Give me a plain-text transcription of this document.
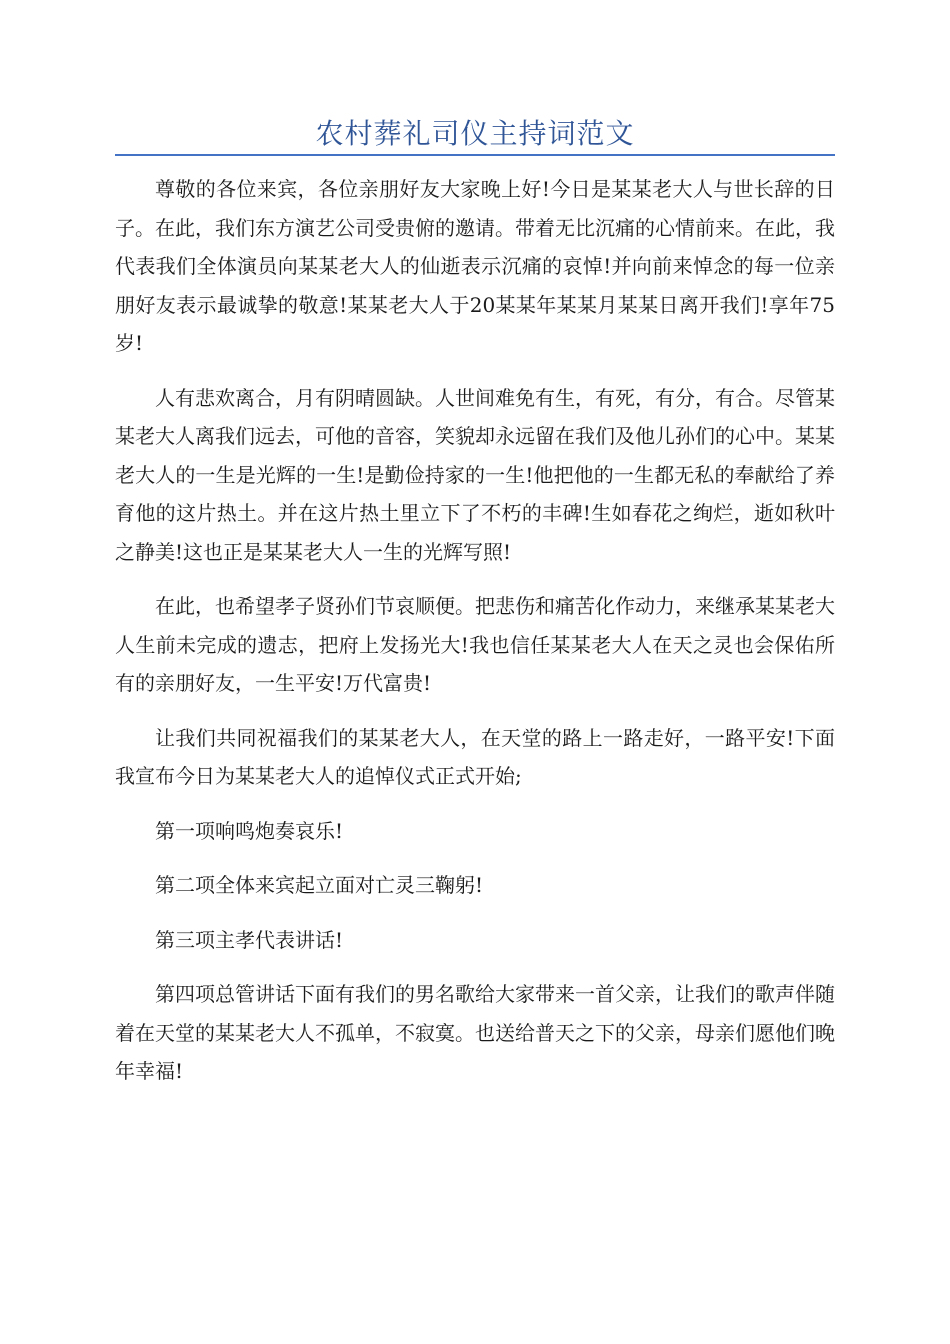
农村葬礼司仪主持词范文

尊敬的各位来宾，各位亲朋好友大家晚上好!今日是某某老大人与世长辞的日子。在此，我们东方演艺公司受贵俯的邀请。带着无比沉痛的心情前来。在此，我代表我们全体演员向某某老大人的仙逝表示沉痛的哀悼!并向前来悼念的每一位亲朋好友表示最诚挚的敬意!某某老大人于20某某年某某月某某日离开我们!享年75岁!

人有悲欢离合，月有阴晴圆缺。人世间难免有生，有死，有分，有合。尽管某某老大人离我们远去，可他的音容，笑貌却永远留在我们及他儿孙们的心中。某某老大人的一生是光辉的一生!是勤俭持家的一生!他把他的一生都无私的奉献给了养育他的这片热土。并在这片热土里立下了不朽的丰碑!生如春花之绚烂，逝如秋叶之静美!这也正是某某老大人一生的光辉写照!

在此，也希望孝子贤孙们节哀顺便。把悲伤和痛苦化作动力，来继承某某老大人生前未完成的遗志，把府上发扬光大!我也信任某某老大人在天之灵也会保佑所有的亲朋好友，一生平安!万代富贵!

让我们共同祝福我们的某某老大人，在天堂的路上一路走好，一路平安!下面我宣布今日为某某老大人的追悼仪式正式开始;

第一项响鸣炮奏哀乐!

第二项全体来宾起立面对亡灵三鞠躬!

第三项主孝代表讲话!

第四项总管讲话下面有我们的男名歌给大家带来一首父亲，让我们的歌声伴随着在天堂的某某老大人不孤单，不寂寞。也送给普天之下的父亲，母亲们愿他们晚年幸福!
